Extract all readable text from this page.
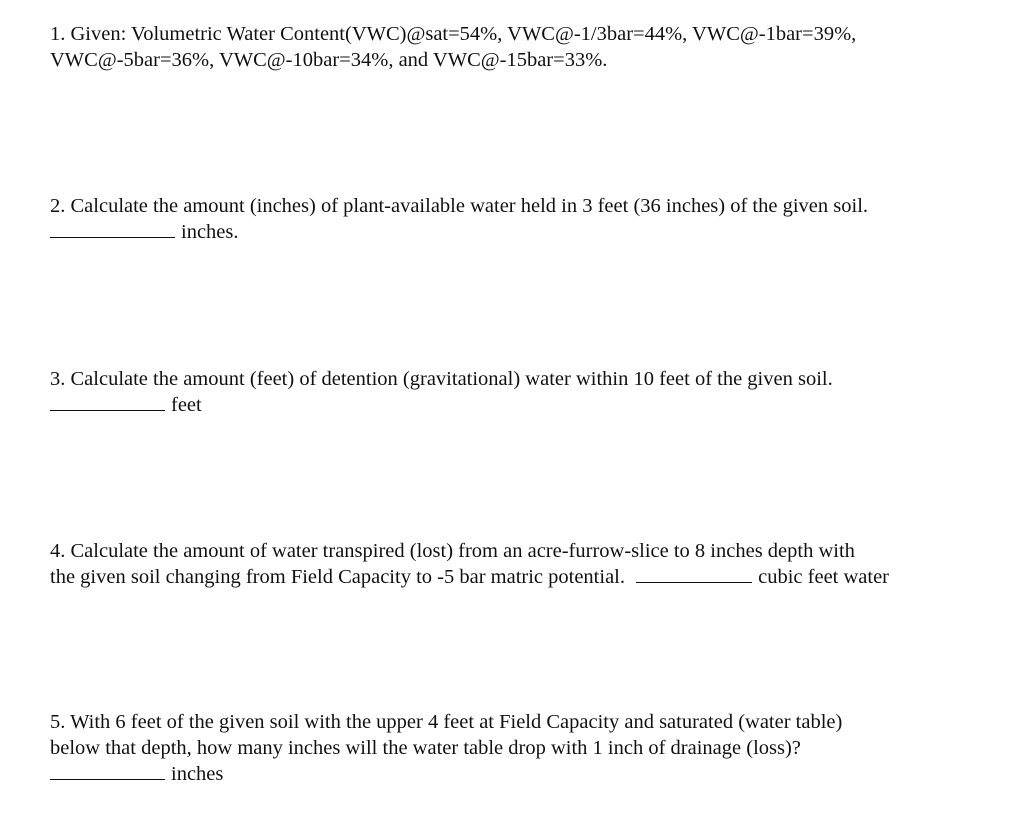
1. Given: Volumetric Water Content(VWC)@sat=54%, VWC@-1/3bar=44%, VWC@-1bar=39%,
VWC@-5bar=36%, VWC@-10bar=34%, and VWC@-15bar=33%.
2. Calculate the amount (inches) of plant-available water held in 3 feet (36 inches) of the given soil.
inches.
3. Calculate the amount (feet) of detention (gravitational) water within 10 feet of the given soil.
feet
4. Calculate the amount of water transpired (lost) from an acre-furrow-slice to 8 inches depth with
the given soil changing from Field Capacity to -5 bar matric potential.	cubic feet water
5. With 6 feet of the given soil with the upper 4 feet at Field Capacity and saturated (water table)
below that depth, how many inches will the water table drop with 1 inch of drainage (loss)?
inches
